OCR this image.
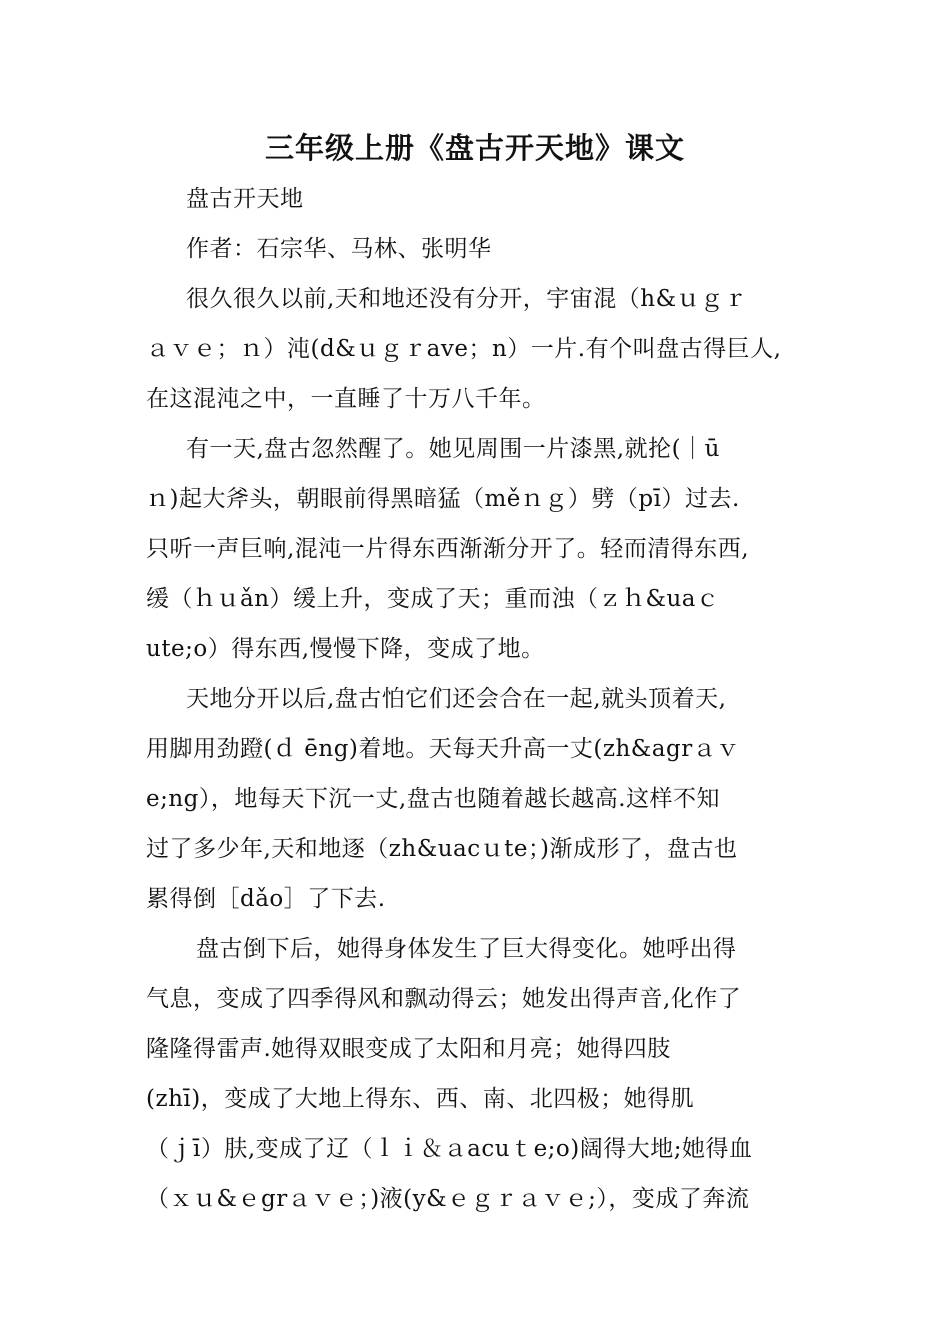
三年级上册《盘古开天地》课文
盘古开天地
作者：石宗华、马林、张明华
很久很久以前,天和地还没有分开，宇宙混（h&ｕｇｒ
ａｖｅ；ｎ）沌(d&ｕｇｒave；n）一片.有个叫盘古得巨人,
在这混沌之中，一直睡了十万八千年。
有一天,盘古忽然醒了。她见周围一片漆黑,就抡(｜ū
ｎ)起大斧头，朝眼前得黑暗猛（měｎｇ）劈（pī）过去.
只听一声巨响,混沌一片得东西渐渐分开了。轻而清得东西,
缓（ｈｕǎn）缓上升，变成了天；重而浊（ｚｈ&uaｃ
ute;o）得东西,慢慢下降，变成了地。
天地分开以后,盘古怕它们还会合在一起,就头顶着天,
用脚用劲蹬(ｄ ēng)着地。天每天升高一丈(zh&agrａｖ
e;ng），地每天下沉一丈,盘古也随着越长越高.这样不知
过了多少年,天和地逐（zh&uacｕte；)渐成形了，盘古也
累得倒［dǎo］了下去.
盘古倒下后，她得身体发生了巨大得变化。她呼出得
气息，变成了四季得风和飘动得云；她发出得声音,化作了
隆隆得雷声.她得双眼变成了太阳和月亮；她得四肢
(zhī)，变成了大地上得东、西、南、北四极；她得肌
（ｊī）肤,变成了辽（ｌｉ＆ａacuｔe;o)阔得大地;她得血
（ｘｕ&ｅgrａｖｅ；)液(y&ｅｇｒａｖｅ;），变成了奔流
